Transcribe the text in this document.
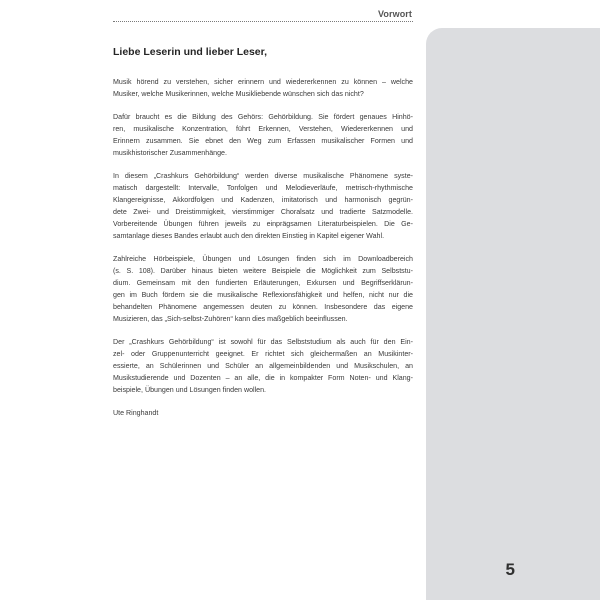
Vorwort

Liebe Leserin und lieber Leser,

Musik hörend zu verstehen, sicher erinnern und wiedererkennen zu können – welche
Musiker, welche Musikerinnen, welche Musikliebende wünschen sich das nicht?

Dafür braucht es die Bildung des Gehörs: Gehörbildung. Sie fördert genaues Hinhö-
ren, musikalische Konzentration, führt Erkennen, Verstehen, Wiedererkennen und
Erinnern zusammen. Sie ebnet den Weg zum Erfassen musikalischer Formen und
musikhistorischer Zusammenhänge.

In diesem „Crashkurs Gehörbildung“ werden diverse musikalische Phänomene syste-
matisch dargestellt: Intervalle, Tonfolgen und Melodieverläufe, metrisch-rhythmische
Klangereignisse, Akkordfolgen und Kadenzen, imitatorisch und harmonisch gegrün-
dete Zwei- und Dreistimmigkeit, vierstimmiger Choralsatz und tradierte Satzmodelle.
Vorbereitende Übungen führen jeweils zu einprägsamen Literaturbeispielen. Die Ge-
samtanlage dieses Bandes erlaubt auch den direkten Einstieg in Kapitel eigener Wahl.

Zahlreiche Hörbeispiele, Übungen und Lösungen finden sich im Downloadbereich
(s. S. 108). Darüber hinaus bieten weitere Beispiele die Möglichkeit zum Selbststu-
dium. Gemeinsam mit den fundierten Erläuterungen, Exkursen und Begriffserklärun-
gen im Buch fördern sie die musikalische Reflexionsfähigkeit und helfen, nicht nur die
behandelten Phänomene angemessen deuten zu können. Insbesondere das eigene
Musizieren, das „Sich-selbst-Zuhören“ kann dies maßgeblich beeinflussen.

Der „Crashkurs Gehörbildung“ ist sowohl für das Selbststudium als auch für den Ein-
zel- oder Gruppenunterricht geeignet. Er richtet sich gleichermaßen an Musikinter-
essierte, an Schülerinnen und Schüler an allgemeinbildenden und Musikschulen, an
Musikstudierende und Dozenten – an alle, die in kompakter Form Noten- und Klang-
beispiele, Übungen und Lösungen finden wollen.

Ute Ringhandt

5
